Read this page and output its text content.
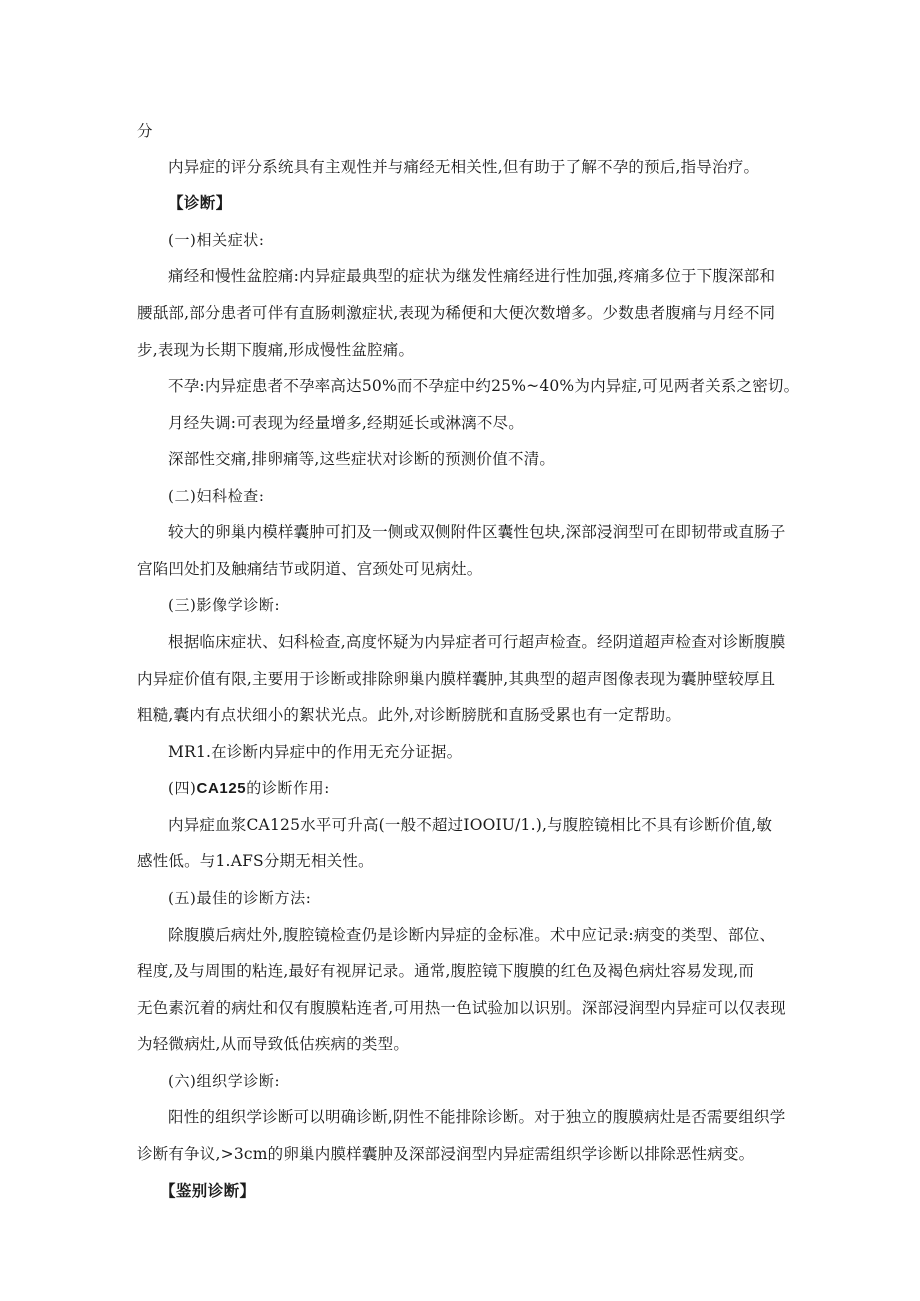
分
内异症的评分系统具有主观性并与痛经无相关性,但有助于了解不孕的预后,指导治疗。
【诊断】
(一)相关症状:
痛经和慢性盆腔痛:内异症最典型的症状为继发性痛经进行性加强,疼痛多位于下腹深部和
腰舐部,部分患者可伴有直肠刺激症状,表现为稀便和大便次数增多。少数患者腹痛与月经不同
步,表现为长期下腹痛,形成慢性盆腔痛。
不孕:内异症患者不孕率高达50%而不孕症中约25%~40%为内异症,可见两者关系之密切。
月经失调:可表现为经量增多,经期延长或淋漓不尽。
深部性交痛,排卵痛等,这些症状对诊断的预测价值不清。
(二)妇科检查:
较大的卵巢内模样囊肿可扪及一侧或双侧附件区囊性包块,深部浸润型可在即韧带或直肠子
宫陷凹处扪及触痛结节或阴道、宫颈处可见病灶。
(三)影像学诊断:
根据临床症状、妇科检查,高度怀疑为内异症者可行超声检查。经阴道超声检查对诊断腹膜
内异症价值有限,主要用于诊断或排除卵巢内膜样囊肿,其典型的超声图像表现为囊肿壁较厚且
粗糙,囊内有点状细小的絮状光点。此外,对诊断膀胱和直肠受累也有一定帮助。
MR1.在诊断内异症中的作用无充分证据。
(四)CA125的诊断作用:
内异症血浆CA125水平可升高(一般不超过IOOIU/1.),与腹腔镜相比不具有诊断价值,敏
感性低。与1.AFS分期无相关性。
(五)最佳的诊断方法:
除腹膜后病灶外,腹腔镜检查仍是诊断内异症的金标准。术中应记录:病变的类型、部位、
程度,及与周围的粘连,最好有视屏记录。通常,腹腔镜下腹膜的红色及褐色病灶容易发现,而
无色素沉着的病灶和仅有腹膜粘连者,可用热一色试验加以识别。深部浸润型内异症可以仅表现
为轻微病灶,从而导致低估疾病的类型。
(六)组织学诊断:
阳性的组织学诊断可以明确诊断,阴性不能排除诊断。对于独立的腹膜病灶是否需要组织学
诊断有争议,>3cm的卵巢内膜样囊肿及深部浸润型内异症需组织学诊断以排除恶性病变。
【鉴别诊断】
